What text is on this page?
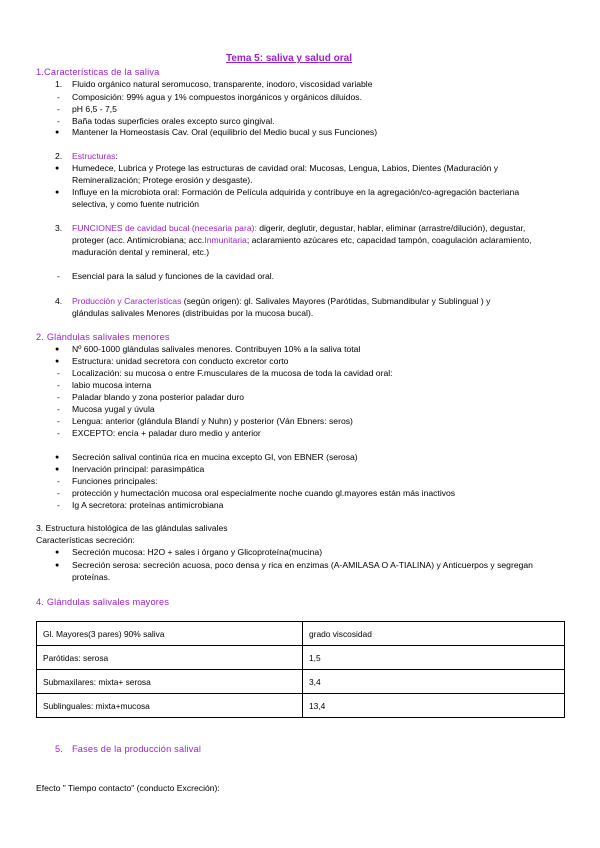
Tema 5: saliva y salud oral
1.Características de la saliva
1. Fluido orgánico natural seromucoso, transparente, inodoro, viscosidad variable
- Composición: 99% agua y 1% compuestos inorgánicos y orgánicos diluidos.
- pH 6,5 - 7,5
- Baña todas superficies orales excepto surco gingival.
● Mantener la Homeostasis Cav. Oral (equilibrio del Medio bucal y sus Funciones)
2. Estructuras:
● Humedece, Lubrica y Protege las estructuras de cavidad oral: Mucosas, Lengua, Labios, Dientes (Maduración y
Remineralización; Protege erosión y desgaste).
● Influye en la microbiota oral: Formación de Película adquirida y contribuye en la agregación/co-agregación bacteriana
selectiva, y como fuente nutrición
3. FUNCIONES de cavidad bucal (necesaria para): digerir, deglutir, degustar, hablar, eliminar (arrastre/dilución), degustar,
proteger (acc. Antimicrobiana; acc.Inmunitaria; aclaramiento azúcares etc, capacidad tampón, coagulación aclaramiento,
maduración dental y remineral, etc.)
- Esencial para la salud y funciones de la cavidad oral.
4. Producción y Características (según origen): gl. Salivales Mayores (Parótidas, Submandibular y Sublingual ) y
glándulas salivales Menores (distribuidas por la mucosa bucal).
2. Glándulas salivales menores
● Nº 600-1000 glándulas salivales menores. Contribuyen 10% a la saliva total
● Estructura: unidad secretora con conducto excretor corto
- Localización: su mucosa o entre F.musculares de la mucosa de toda la cavidad oral:
- labio mucosa interna
- Paladar blando y zona posterior paladar duro
- Mucosa yugal y úvula
- Lengua: anterior (glándula Blandí y Nuhn) y posterior (Ván Ebners: seros)
- EXCEPTO: encía + paladar duro medio y anterior
● Secreción salival continúa rica en mucina excepto Gl, von EBNER (serosa)
● Inervación principal: parasimpática
- Funciones principales:
- protección y humectación mucosa oral especialmente noche cuando gl.mayores están más inactivos
- Ig A secretora: proteínas antimicrobiana
3. Estructura histológica de las glándulas salivales
Características secreción:
● Secreción mucosa: H2O + sales i órgano y Glicoproteína(mucina)
● Secreción serosa: secreción acuosa, poco densa y rica en enzimas (A-AMILASA O A-TIALINA) y Anticuerpos y segregan
proteínas.
4. Glándulas salivales mayores
Gl. Mayores(3 pares) 90% saliva	grado viscosidad
Parótidas: serosa	1,5
Submaxilares: mixta+ serosa	3,4
Sublinguales: mixta+mucosa	13,4
5. Fases de la producción salival
Efecto " Tiempo contacto" (conducto Excreción):
